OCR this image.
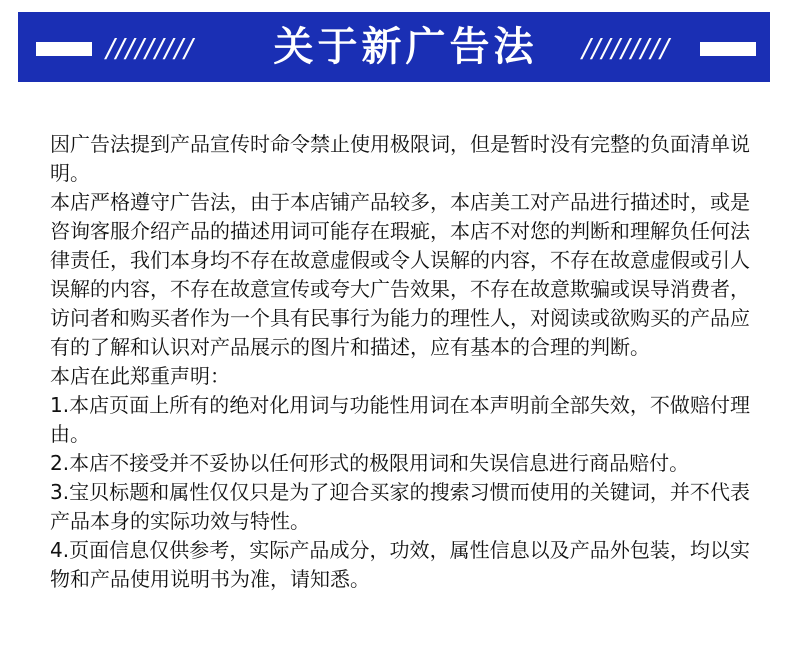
/////////	关于新广告法	/////////

因广告法提到产品宣传时命令禁止使用极限词，但是暂时没有完整的负面清单说明。

本店严格遵守广告法，由于本店铺产品较多，本店美工对产品进行描述时，或是咨询客服介绍产品的描述用词可能存在瑕疵，本店不对您的判断和理解负任何法律责任，我们本身均不存在故意虚假或令人误解的内容，不存在故意虚假或引人误解的内容，不存在故意宣传或夸大广告效果，不存在故意欺骗或误导消费者，访问者和购买者作为一个具有民事行为能力的理性人，对阅读或欲购买的产品应有的了解和认识对产品展示的图片和描述，应有基本的合理的判断。

本店在此郑重声明：

1.本店页面上所有的绝对化用词与功能性用词在本声明前全部失效，不做赔付理由。

2.本店不接受并不妥协以任何形式的极限用词和失误信息进行商品赔付。

3.宝贝标题和属性仅仅只是为了迎合买家的搜索习惯而使用的关键词，并不代表产品本身的实际功效与特性。

4.页面信息仅供参考，实际产品成分，功效，属性信息以及产品外包装，均以实物和产品使用说明书为准，请知悉。
